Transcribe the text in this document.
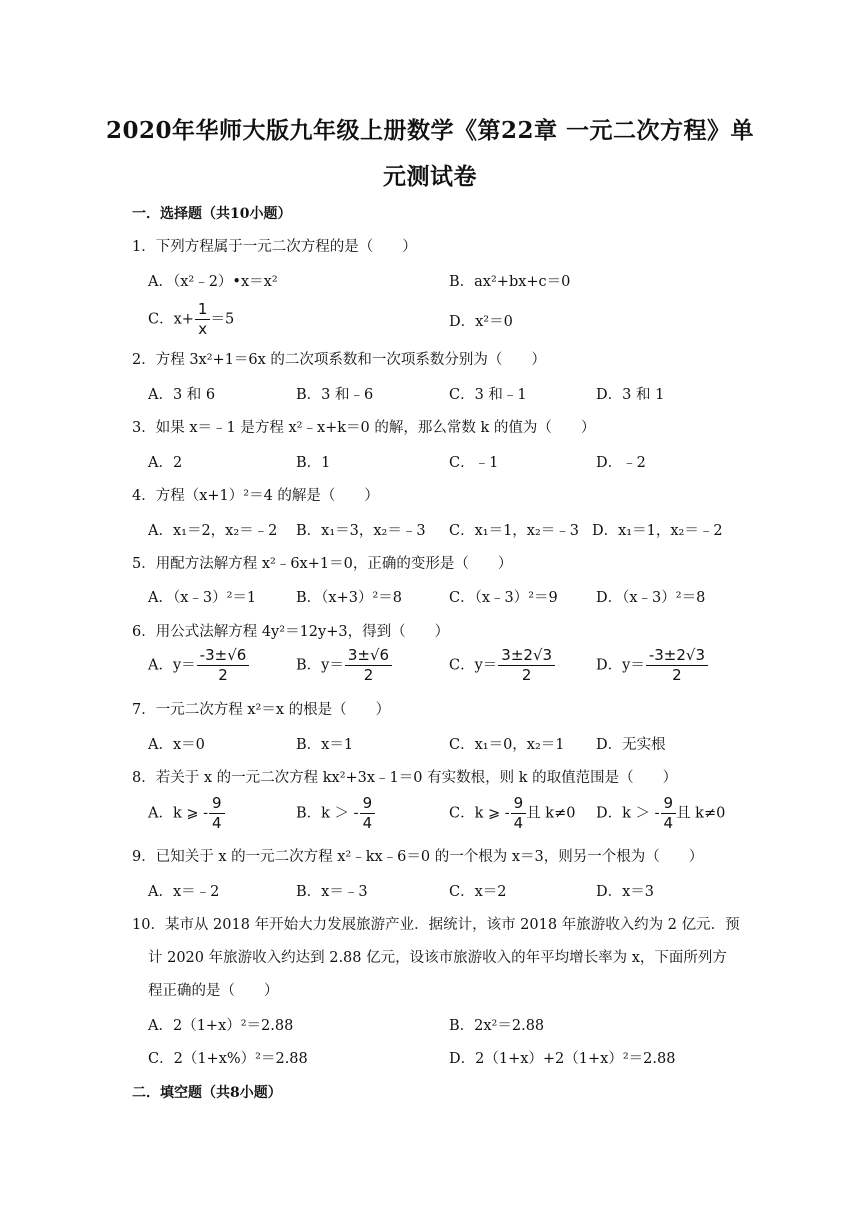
2020年华师大版九年级上册数学《第22章 一元二次方程》单
元测试卷
一．选择题（共10小题）
1．下列方程属于一元二次方程的是（　　）
A．（x²﹣2）•x＝x²	B．ax²+bx+c＝0
C．$x+ \frac{1}{x} =5$	D．x²＝0
2．方程 3x²+1＝6x 的二次项系数和一次项系数分别为（　　）
A．3 和 6	B．3 和﹣6	C．3 和﹣1	D．3 和 1
3．如果 x＝﹣1 是方程 x²﹣x+k＝0 的解，那么常数 k 的值为（　　）
A．2	B．1	C．﹣1	D．﹣2
4．方程（x+1）²＝4 的解是（　　）
A．x₁＝2，x₂＝﹣2 B．x₁＝3，x₂＝﹣3 C．x₁＝1，x₂＝﹣3 D．x₁＝1，x₂＝﹣2
5．用配方法解方程 x²﹣6x+1＝0，正确的变形是（　　）
A．（x﹣3）²＝1	B．（x+3）²＝8	C．（x﹣3）²＝9	D．（x﹣3）²＝8
6．用公式法解方程 4y²＝12y+3，得到（　　）
A．$y= \frac{-3\pm√6}{2}$	B．$y= \frac{3\pm√6}{2}$	C．$y= \frac{3\pm 2√3}{2}$	D．$y= \frac{-3\pm 2√3}{2}$
7．一元二次方程 x²＝x 的根是（　　）
A．x＝0	B．x＝1	C．x₁＝0，x₂＝1 D．无实根
8．若关于 x 的一元二次方程 kx²+3x﹣1＝0 有实数根，则 k 的取值范围是（　　）
A．k ⩾ - $\frac{9}{4}$	B．k ＞ - $\frac{9}{4}$	C．k ⩾ - $\frac{9}{4}$ 且 k≠0 D．k ＞ - $\frac{9}{4}$ 且 k≠0
9．已知关于 x 的一元二次方程 x²﹣kx﹣6＝0 的一个根为 x＝3，则另一个根为（　　）
A．x＝﹣2	B．x＝﹣3	C．x＝2	D．x＝3
10．某市从 2018 年开始大力发展旅游产业．据统计，该市 2018 年旅游收入约为 2 亿元．预
计 2020 年旅游收入约达到 2.88 亿元，设该市旅游收入的年平均增长率为 x，下面所列方
程正确的是（　　）
A．2（1+x）²＝2.88	B．2x²＝2.88
C．2（1+x%）²＝2.88	D．2（1+x）+2（1+x）²＝2.88
二．填空题（共8小题）
